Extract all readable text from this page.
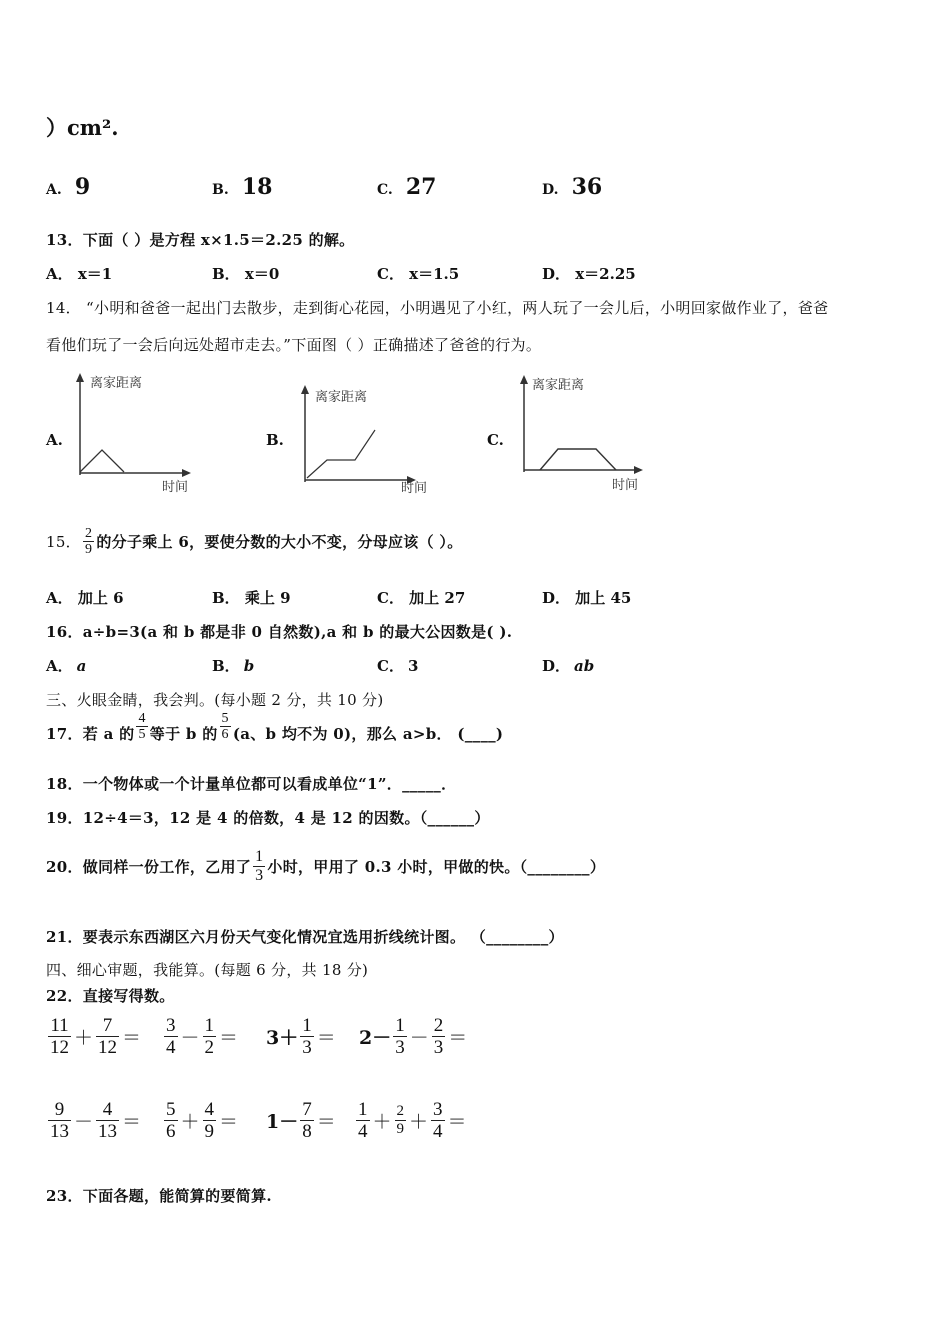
）cm².
A. 9	B. 18	C. 27	D. 36
13．下面（ ）是方程 x×1.5＝2.25 的解。
A． x＝1	B． x＝0	C． x＝1.5	D． x＝2.25
14． “小明和爸爸一起出门去散步，走到街心花园，小明遇见了小红，两人玩了一会儿后，小明回家做作业了，爸爸
看他们玩了一会后向远处超市走去。”下面图（ ）正确描述了爸爸的行为。
A.
离家距离
时间
B.
离家距离
时间
C.
离家距离
时间
15． $\frac{2}{9}$ 的分子乘上 6，要使分数的大小不变，分母应该（ ）。
A． 加上 6	B． 乘上 9	C． 加上 27	D． 加上 45
16．a÷b=3(a 和 b 都是非 0 自然数),a 和 b 的最大公因数是( ).
A． a	B． b	C． 3	D． ab
三、火眼金睛，我会判。(每小题 2 分，共 10 分)
17．若 a 的 $\frac{4}{5}$ 等于 b 的 $\frac{5}{6} (a$、b 均不为 0)，那么 a>b． (____)
18．一个物体或一个计量单位都可以看成单位“1”．_____．
19．12÷4＝3，12 是 4 的倍数，4 是 12 的因数。（______）
20．做同样一份工作，乙用了 $\frac{1}{3}$ 小时，甲用了 0.3 小时，甲做的快。（________）
21．要表示东西湖区六月份天气变化情况宜选用折线统计图。 （________）
四、细心审题，我能算。(每题 6 分，共 18 分)
22．直接写得数。
$\frac{11}{12} + \frac{7}{12} = \frac{3}{4} - \frac{1}{2} = 3+ \frac{1}{3} = 2- \frac{1}{3} - \frac{2}{3}$ ＝
$\frac{9}{13} - \frac{4}{13} = \frac{5}{6} + \frac{4}{9} = 1- \frac{7}{8} = \frac{1}{4} + \frac{2}{9} + \frac{3}{4}$ ＝
23．下面各题，能简算的要简算.
